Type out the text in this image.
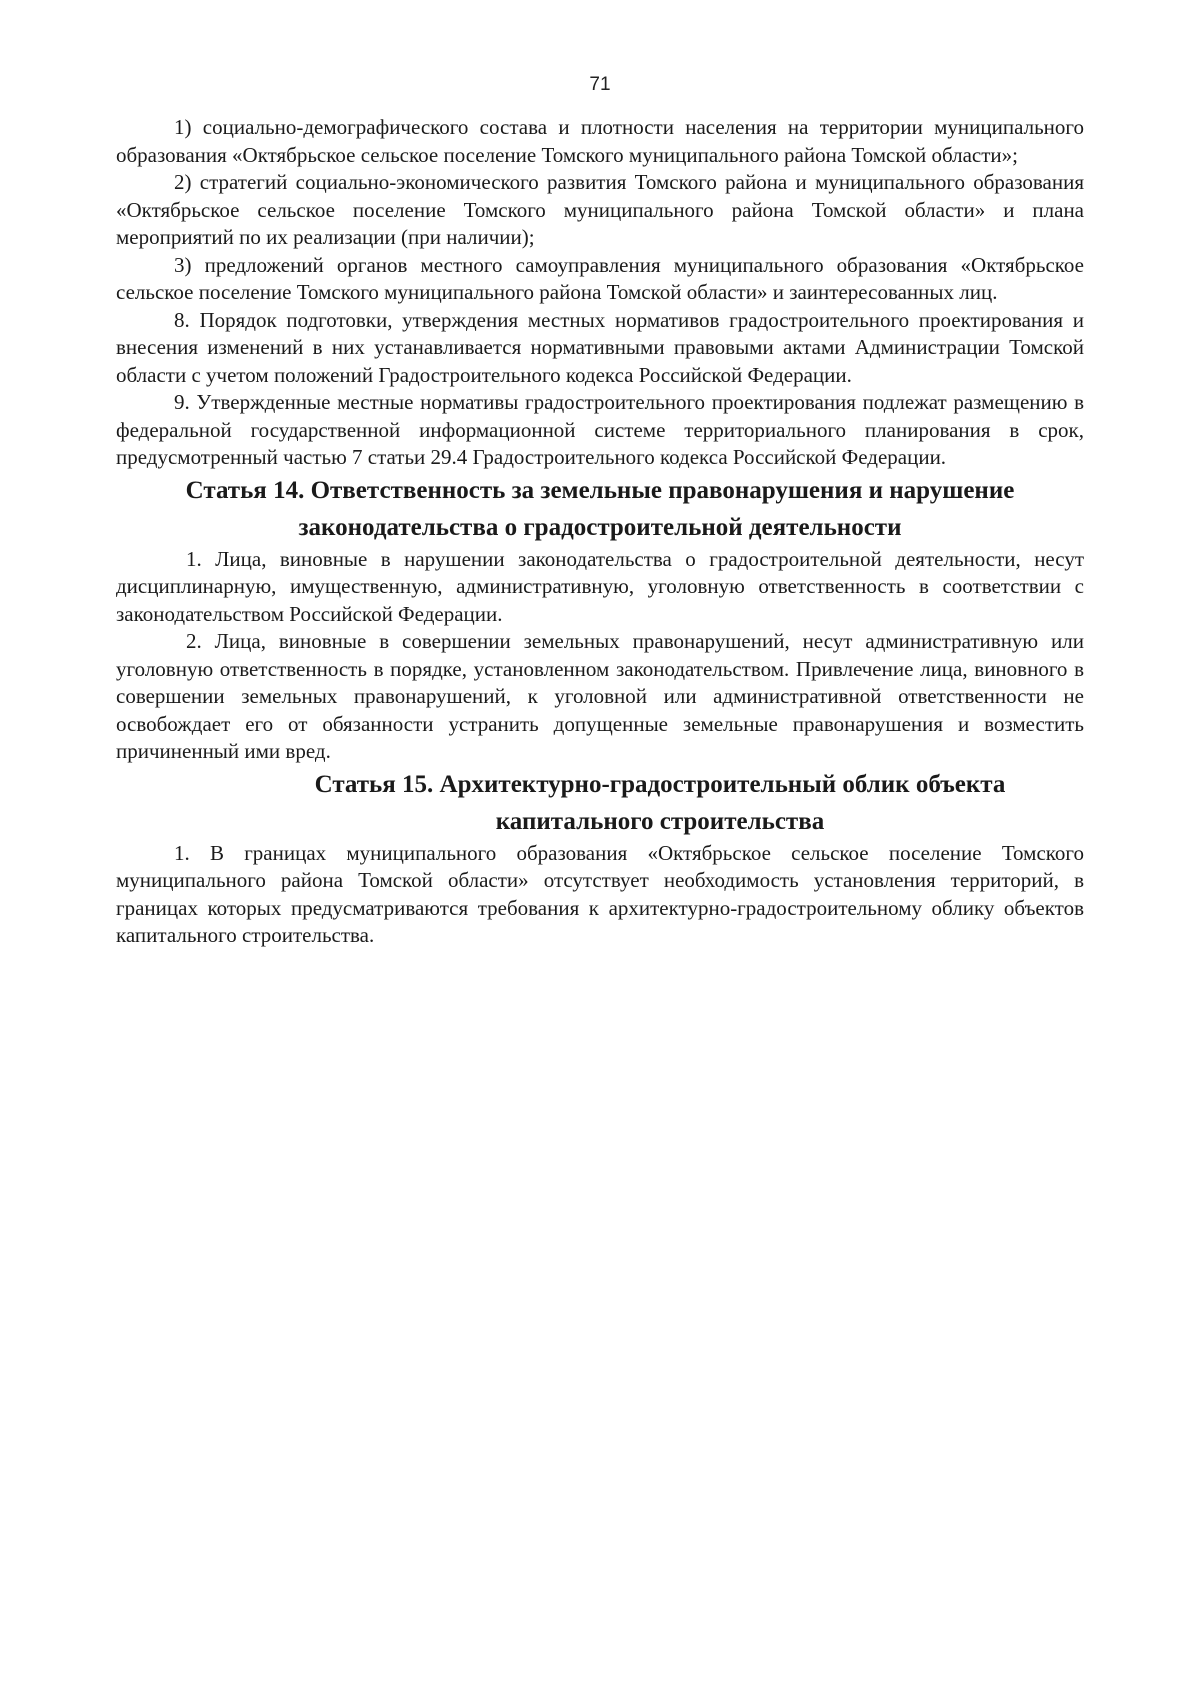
71

1) социально-демографического состава и плотности населения на территории муниципального образования «Октябрьское сельское поселение Томского муниципального района Томской области»;

2) стратегий социально-экономического развития Томского района и муниципального образования «Октябрьское сельское поселение Томского муниципального района Томской области» и плана мероприятий по их реализации (при наличии);

3) предложений органов местного самоуправления муниципального образования «Октябрьское сельское поселение Томского муниципального района Томской области» и заинтересованных лиц.

8. Порядок подготовки, утверждения местных нормативов градостроительного проектирования и внесения изменений в них устанавливается нормативными правовыми актами Администрации Томской области с учетом положений Градостроительного кодекса Российской Федерации.

9. Утвержденные местные нормативы градостроительного проектирования подлежат размещению в федеральной государственной информационной системе территориального планирования в срок, предусмотренный частью 7 статьи 29.4 Градостроительного кодекса Российской Федерации.

Статья 14. Ответственность за земельные правонарушения и нарушение
законодательства о градостроительной деятельности

1. Лица, виновные в нарушении законодательства о градостроительной деятельности, несут дисциплинарную, имущественную, административную, уголовную ответственность в соответствии с законодательством Российской Федерации.

2. Лица, виновные в совершении земельных правонарушений, несут административную или уголовную ответственность в порядке, установленном законодательством. Привлечение лица, виновного в совершении земельных правонарушений, к уголовной или административной ответственности не освобождает его от обязанности устранить допущенные земельные правонарушения и возместить причиненный ими вред.

Статья 15. Архитектурно-градостроительный облик объекта
капитального строительства

1. В границах муниципального образования «Октябрьское сельское поселение Томского муниципального района Томской области» отсутствует необходимость установления территорий, в границах которых предусматриваются требования к архитектурно-градостроительному облику объектов капитального строительства.
